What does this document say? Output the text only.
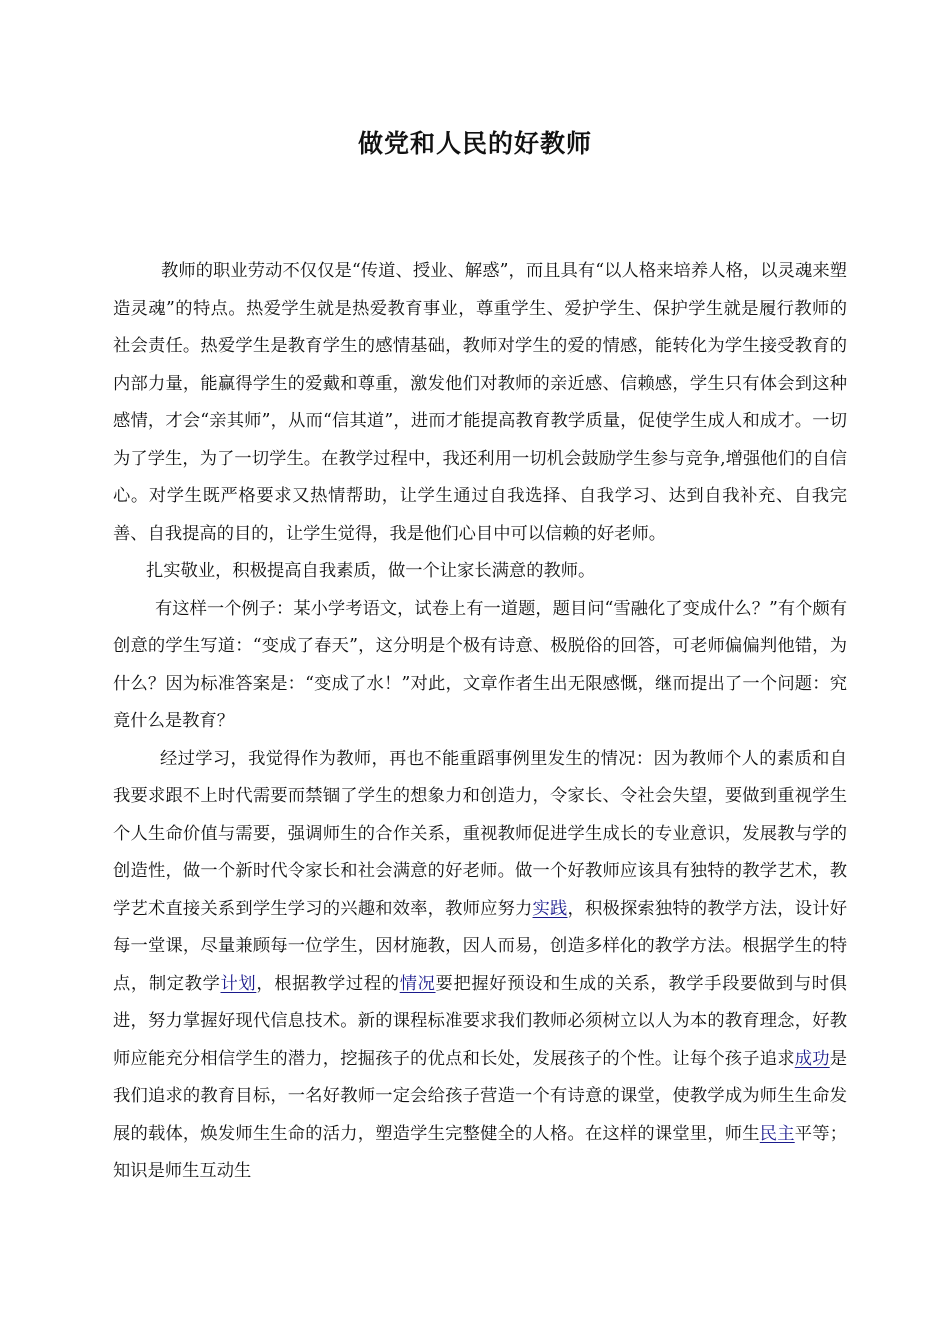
做党和人民的好教师

教师的职业劳动不仅仅是“传道、授业、解惑”，而且具有“以人格来培养人格，以灵魂来塑造灵魂”的特点。热爱学生就是热爱教育事业，尊重学生、爱护学生、保护学生就是履行教师的社会责任。热爱学生是教育学生的感情基础，教师对学生的爱的情感，能转化为学生接受教育的内部力量，能赢得学生的爱戴和尊重，激发他们对教师的亲近感、信赖感，学生只有体会到这种感情，才会“亲其师”，从而“信其道”，进而才能提高教育教学质量，促使学生成人和成才。一切为了学生，为了一切学生。在教学过程中，我还利用一切机会鼓励学生参与竞争,增强他们的自信心。对学生既严格要求又热情帮助，让学生通过自我选择、自我学习、达到自我补充、自我完善、自我提高的目的，让学生觉得，我是他们心目中可以信赖的好老师。

扎实敬业，积极提高自我素质，做一个让家长满意的教师。

有这样一个例子：某小学考语文，试卷上有一道题，题目问“雪融化了变成什么？”有个颇有创意的学生写道：“变成了春天”，这分明是个极有诗意、极脱俗的回答，可老师偏偏判他错，为什么？因为标准答案是：“变成了水！”对此，文章作者生出无限感慨，继而提出了一个问题：究竟什么是教育？

经过学习，我觉得作为教师，再也不能重蹈事例里发生的情况：因为教师个人的素质和自我要求跟不上时代需要而禁锢了学生的想象力和创造力，令家长、令社会失望，要做到重视学生个人生命价值与需要，强调师生的合作关系，重视教师促进学生成长的专业意识，发展教与学的创造性，做一个新时代令家长和社会满意的好老师。做一个好教师应该具有独特的教学艺术，教学艺术直接关系到学生学习的兴趣和效率，教师应努力实践，积极探索独特的教学方法，设计好每一堂课，尽量兼顾每一位学生，因材施教，因人而易，创造多样化的教学方法。根据学生的特点，制定教学计划，根据教学过程的情况要把握好预设和生成的关系，教学手段要做到与时俱进，努力掌握好现代信息技术。新的课程标准要求我们教师必须树立以人为本的教育理念，好教师应能充分相信学生的潜力，挖掘孩子的优点和长处，发展孩子的个性。让每个孩子追求成功是我们追求的教育目标，一名好教师一定会给孩子营造一个有诗意的课堂，使教学成为师生生命发展的载体，焕发师生生命的活力，塑造学生完整健全的人格。在这样的课堂里，师生民主平等；知识是师生互动生
